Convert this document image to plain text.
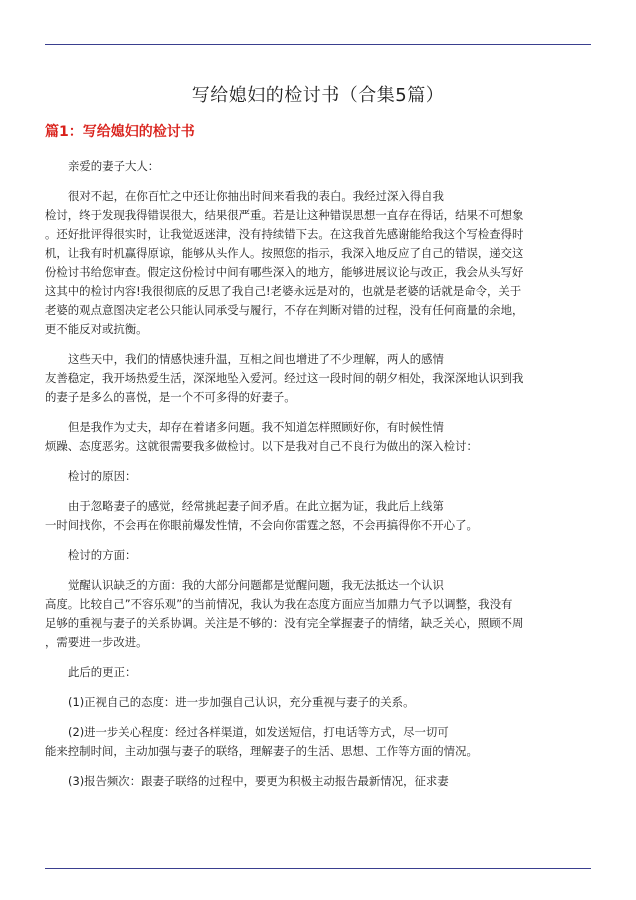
写给媳妇的检讨书（合集5篇）
篇1：写给媳妇的检讨书
亲爱的妻子大人：
很对不起，在你百忙之中还让你抽出时间来看我的表白。我经过深入得自我
检讨，终于发现我得错误很大，结果很严重。若是让这种错误思想一直存在得话，结果不可想象
。还好批评得很实时，让我觉返迷津，没有持续错下去。在这我首先感谢能给我这个写检查得时
机，让我有时机赢得原谅，能够从头作人。按照您的指示，我深入地反应了自己的错误，递交这
份检讨书给您审查。假定这份检讨中间有哪些深入的地方，能够进展议论与改正，我会从头写好
这其中的检讨内容!我很彻底的反思了我自己!老婆永远是对的，也就是老婆的话就是命令，关于
老婆的观点意图决定老公只能认同承受与履行，不存在判断对错的过程，没有任何商量的余地，
更不能反对或抗衡。
这些天中，我们的情感快速升温，互相之间也增进了不少理解，两人的感情
友善稳定，我开场热爱生活，深深地坠入爱河。经过这一段时间的朝夕相处，我深深地认识到我
的妻子是多么的喜悦，是一个不可多得的好妻子。
但是我作为丈夫，却存在着诸多问题。我不知道怎样照顾好你，有时候性情
烦躁、态度恶劣。这就很需要我多做检讨。以下是我对自己不良行为做出的深入检讨：
检讨的原因：
由于忽略妻子的感觉，经常挑起妻子间矛盾。在此立据为证，我此后上线第
一时间找你，不会再在你眼前爆发性情，不会向你雷霆之怒，不会再搞得你不开心了。
检讨的方面：
觉醒认识缺乏的方面：我的大部分问题都是觉醒问题，我无法抵达一个认识
高度。比较自己”不容乐观”的当前情况，我认为我在态度方面应当加鼎力气予以调整，我没有
足够的重视与妻子的关系协调。关注是不够的：没有完全掌握妻子的情绪，缺乏关心，照顾不周
，需要进一步改进。
此后的更正：
(1)正视自己的态度：进一步加强自己认识，充分重视与妻子的关系。
(2)进一步关心程度：经过各样渠道，如发送短信，打电话等方式，尽一切可
能来控制时间，主动加强与妻子的联络，理解妻子的生活、思想、工作等方面的情况。
(3)报告频次：跟妻子联络的过程中，要更为积极主动报告最新情况，征求妻
